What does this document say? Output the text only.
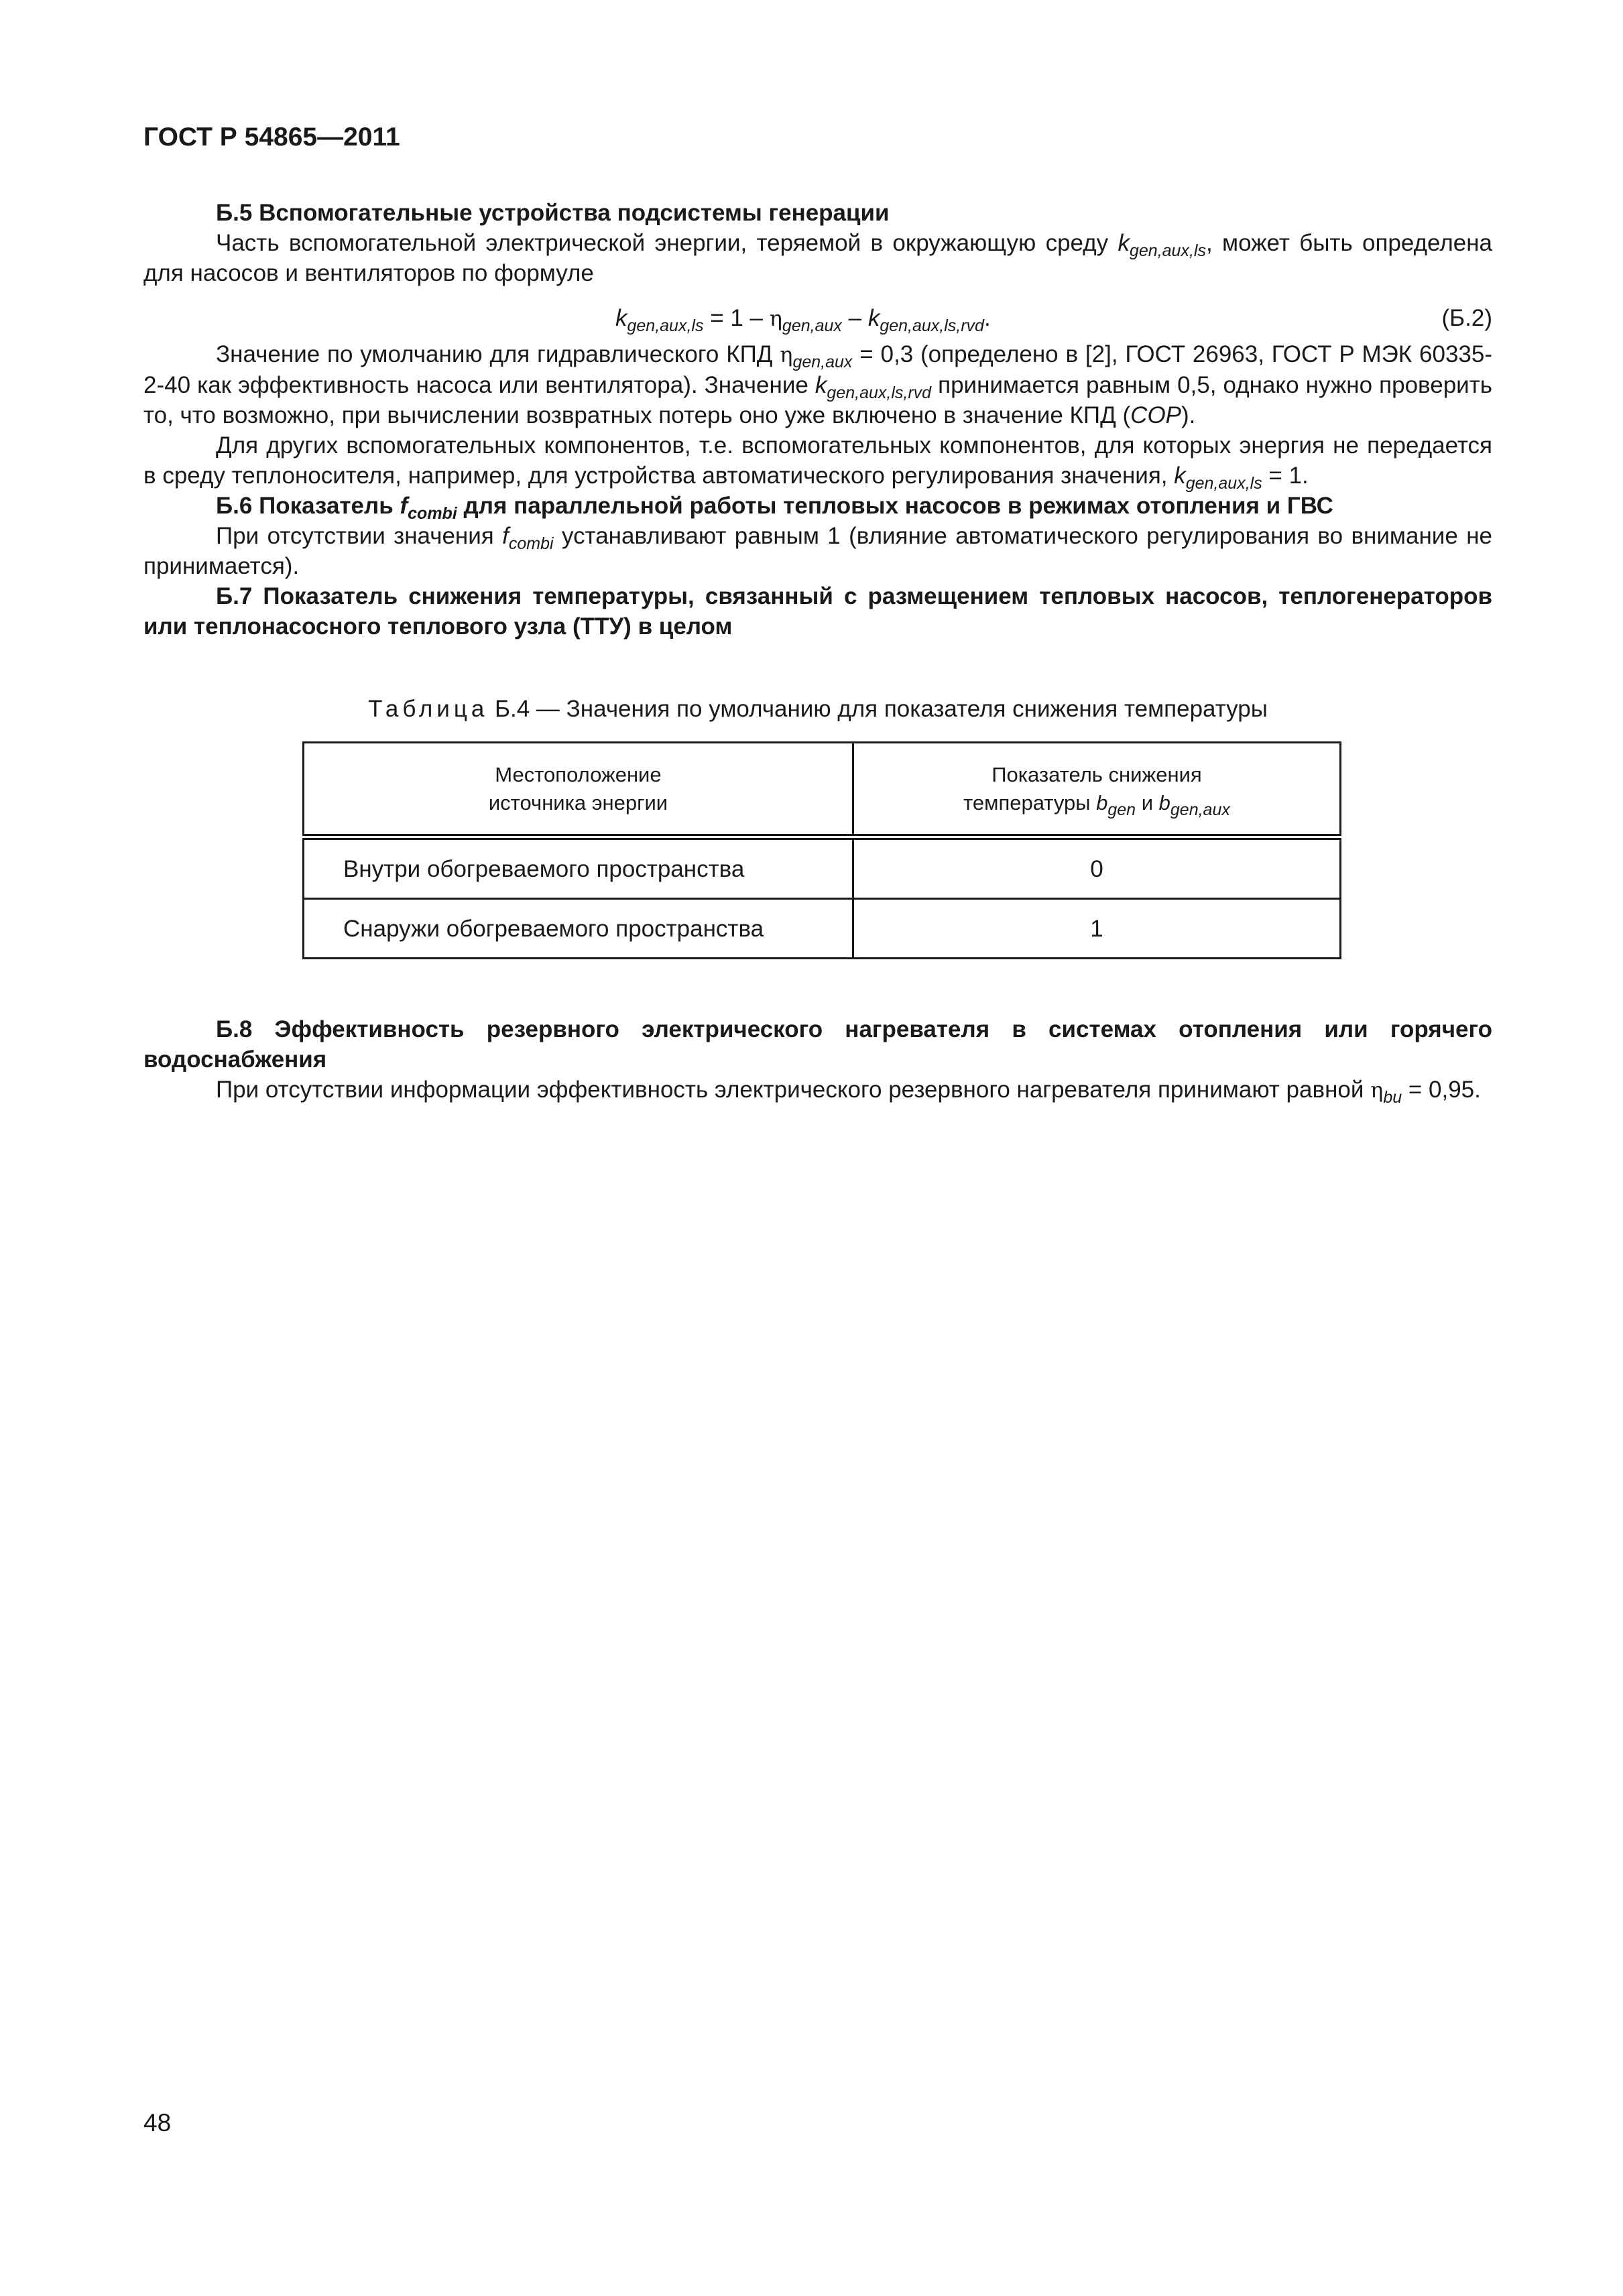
ГОСТ Р 54865—2011

Б.5 Вспомогательные устройства подсистемы генерации

Часть вспомогательной электрической энергии, теряемой в окружающую среду $k_{gen,aux,ls}$, может быть определена для насосов и вентиляторов по формуле

$k_{gen,aux,ls} = 1 - \eta_{gen,aux} - k_{gen,aux,ls,rvd}$.	(Б.2)

Значение по умолчанию для гидравлического КПД $\eta_{gen,aux} = 0,3$ (определено в [2], ГОСТ 26963, ГОСТ Р МЭК 60335-2-40 как эффективность насоса или вентилятора). Значение $k_{gen,aux,ls,rvd}$ принимается равным 0,5, однако нужно проверить то, что возможно, при вычислении возвратных потерь оно уже включено в значение КПД (COP).

Для других вспомогательных компонентов, т.е. вспомогательных компонентов, для которых энергия не передается в среду теплоносителя, например, для устройства автоматического регулирования значения, $k_{gen,aux,ls} = 1$.

Б.6 Показатель $f_{combi}$ для параллельной работы тепловых насосов в режимах отопления и ГВС

При отсутствии значения $f_{combi}$ устанавливают равным 1 (влияние автоматического регулирования во внимание не принимается).

Б.7 Показатель снижения температуры, связанный с размещением тепловых насосов, теплогенераторов или теплонасосного теплового узла (ТТУ) в целом

Таблица Б.4 — Значения по умолчанию для показателя снижения температуры

Местоположение
источника энергии	Показатель снижения
температуры $b_{gen}$ и $b_{gen,aux}$
Внутри обогреваемого пространства	0
Снаружи обогреваемого пространства	1

Б.8 Эффективность резервного электрического нагревателя в системах отопления или горячего водоснабжения

При отсутствии информации эффективность электрического резервного нагревателя принимают равной $\eta_{bu} = 0,95$.

48
